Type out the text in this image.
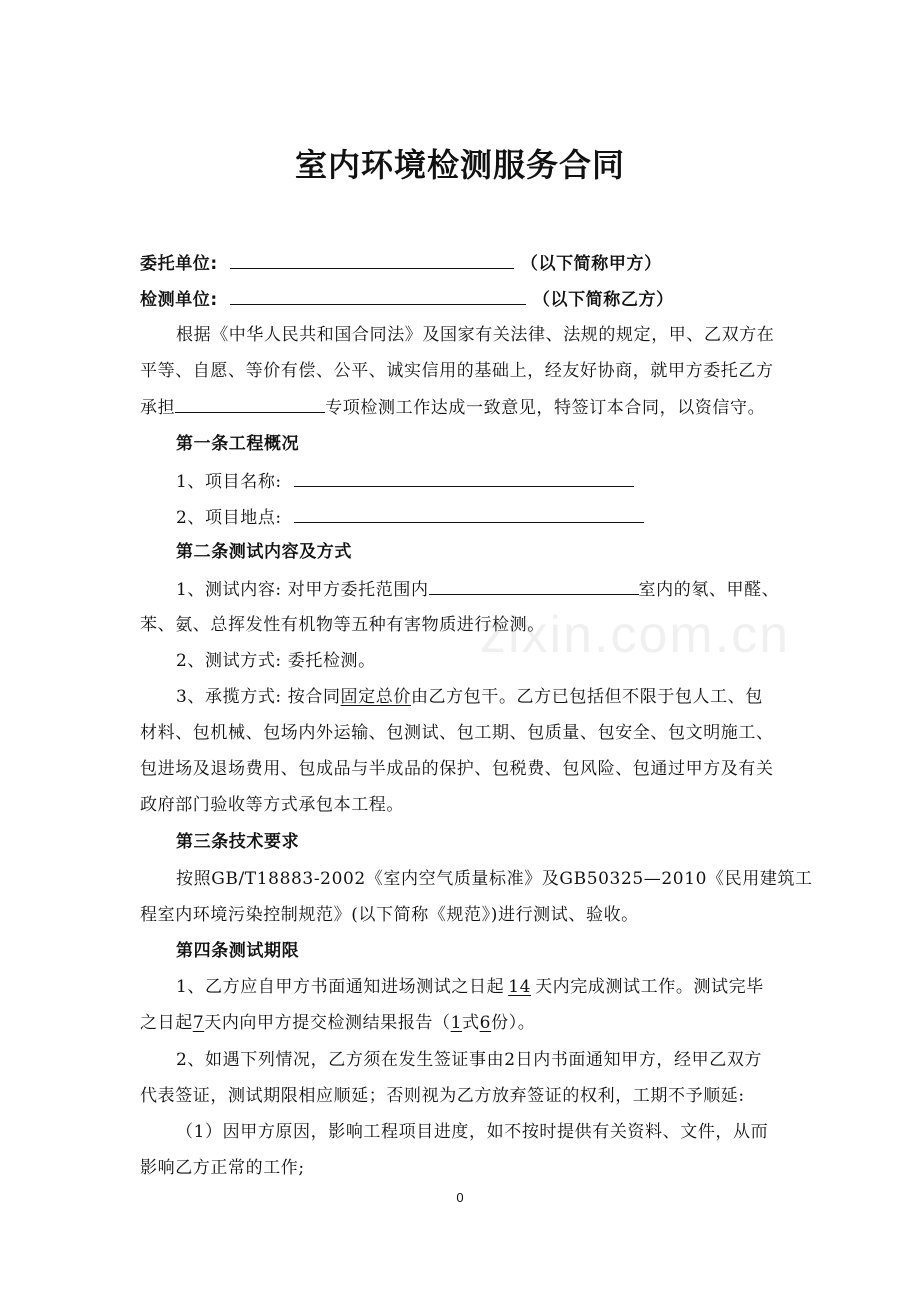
zixin.com.cn
室内环境检测服务合同
委托单位:	（以下简称甲方）
检测单位:	（以下简称乙方）
根据《中华人民共和国合同法》及国家有关法律、法规的规定，甲、乙双方在
平等、自愿、等价有偿、公平、诚实信用的基础上，经友好协商，就甲方委托乙方
承担	专项检测工作达成一致意见，特签订本合同，以资信守。
第一条工程概况
1、项目名称:
2、项目地点:
第二条测试内容及方式
1、测试内容: 对甲方委托范围内	室内的氡、甲醛、
苯、氨、总挥发性有机物等五种有害物质进行检测。
2、测试方式: 委托检测。
3、承揽方式: 按合同固定总价由乙方包干。乙方已包括但不限于包人工、包
材料、包机械、包场内外运输、包测试、包工期、包质量、包安全、包文明施工、
包进场及退场费用、包成品与半成品的保护、包税费、包风险、包通过甲方及有关
政府部门验收等方式承包本工程。
第三条技术要求
按照GB/T18883-2002《室内空气质量标准》及GB50325—2010《民用建筑工
程室内环境污染控制规范》(以下简称《规范》)进行测试、验收。
第四条测试期限
1、乙方应自甲方书面通知进场测试之日起 14 天内完成测试工作。测试完毕
之日起7天内向甲方提交检测结果报告（1式6份）。
2、如遇下列情况，乙方须在发生签证事由2日内书面通知甲方，经甲乙双方
代表签证，测试期限相应顺延；否则视为乙方放弃签证的权利，工期不予顺延:
（1）因甲方原因，影响工程项目进度，如不按时提供有关资料、文件，从而
影响乙方正常的工作;
0
